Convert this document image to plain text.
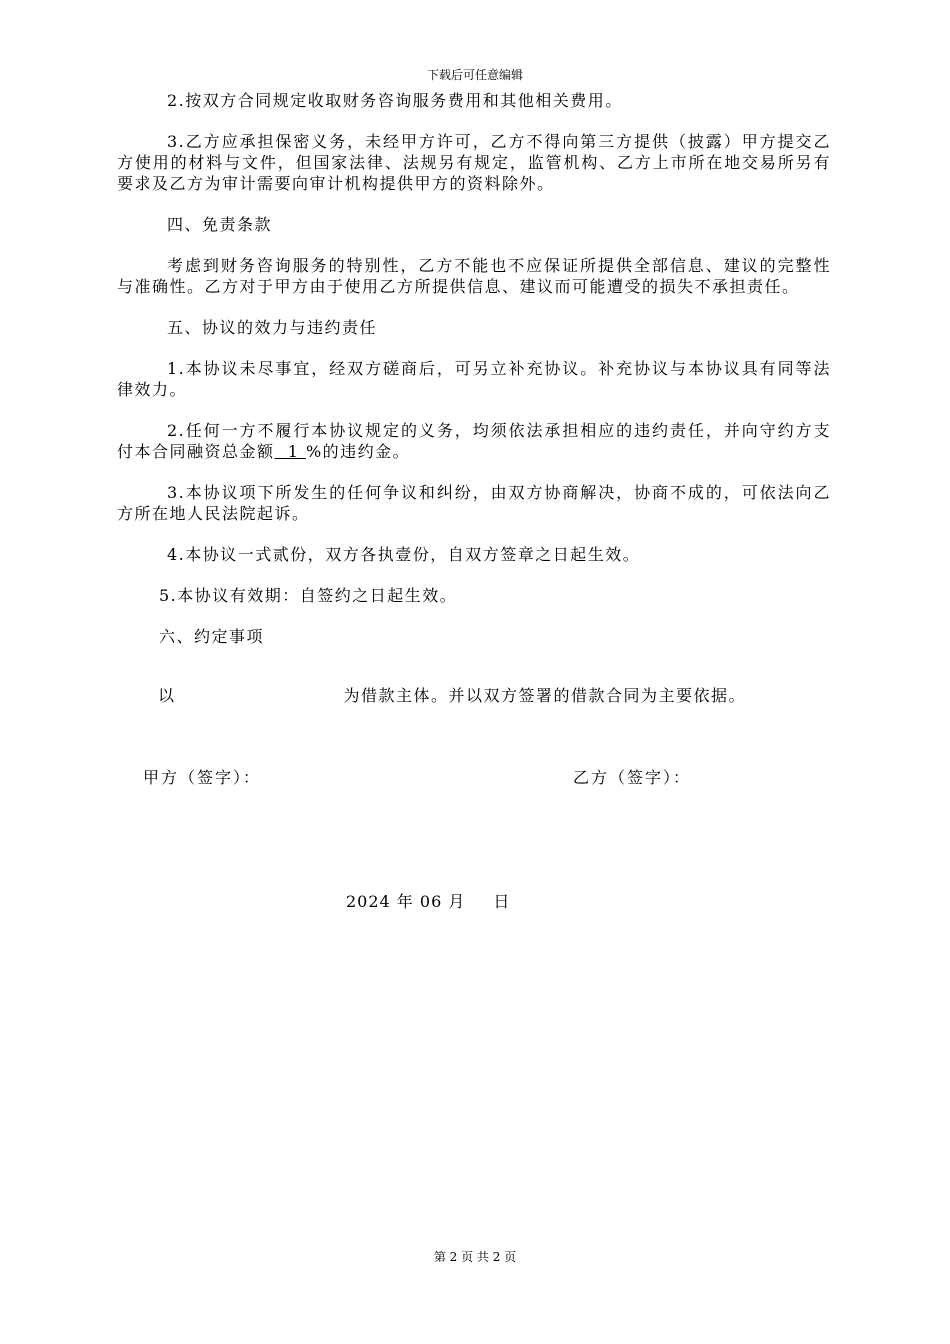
下载后可任意编辑

2.按双方合同规定收取财务咨询服务费用和其他相关费用。

3.乙方应承担保密义务，未经甲方许可，乙方不得向第三方提供（披露）甲方提交乙方使用的材料与文件，但国家法律、法规另有规定，监管机构、乙方上市所在地交易所另有要求及乙方为审计需要向审计机构提供甲方的资料除外。

四、免责条款

考虑到财务咨询服务的特别性，乙方不能也不应保证所提供全部信息、建议的完整性与准确性。乙方对于甲方由于使用乙方所提供信息、建议而可能遭受的损失不承担责任。

五、协议的效力与违约责任

1.本协议未尽事宜，经双方磋商后，可另立补充协议。补充协议与本协议具有同等法律效力。

2.任何一方不履行本协议规定的义务，均须依法承担相应的违约责任，并向守约方支付本合同融资总金额  1 %的违约金。

3.本协议项下所发生的任何争议和纠纷，由双方协商解决，协商不成的，可依法向乙方所在地人民法院起诉。

4.本协议一式贰份，双方各执壹份，自双方签章之日起生效。

5.本协议有效期：自签约之日起生效。

六、约定事项

以	为借款主体。并以双方签署的借款合同为主要依据。
甲方（签字）：	乙方（签字）：
2024 年 06 月 日
第 2 页 共 2 页
